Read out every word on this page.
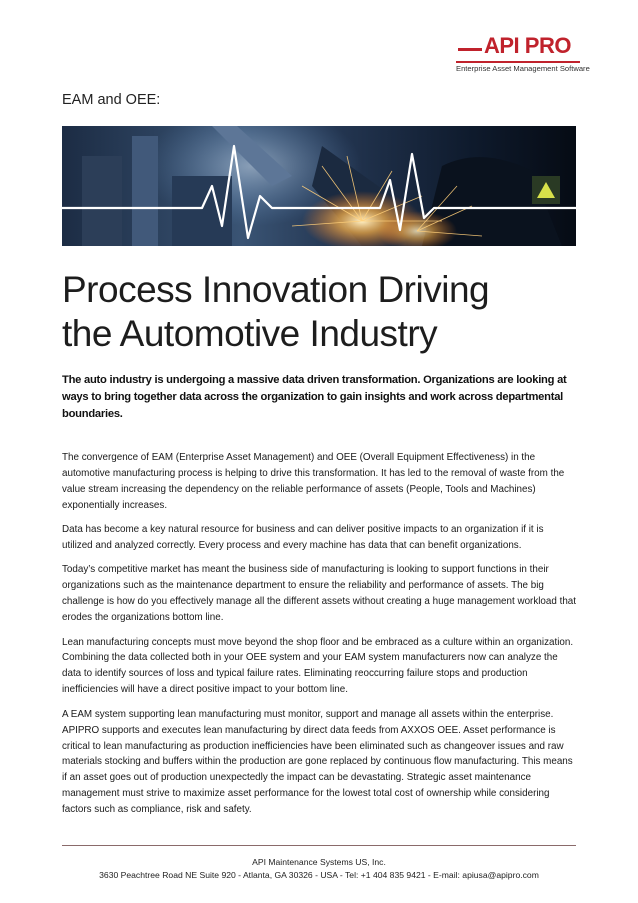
API PRO
Enterprise Asset Management Software
EAM and OEE:
Process Innovation Driving
the Automotive Industry
The auto industry is undergoing a massive data driven transformation. Organizations are looking at ways to bring together data across the organization to gain insights and work across departmental boundaries.

The convergence of EAM (Enterprise Asset Management) and OEE (Overall Equipment Effectiveness) in the automotive manufacturing process is helping to drive this transformation. It has led to the removal of waste from the value stream increasing the dependency on the reliable performance of assets (People, Tools and Machines) exponentially increases.

Data has become a key natural resource for business and can deliver positive impacts to an organization if it is utilized and analyzed correctly. Every process and every machine has data that can benefit organizations.

Today’s competitive market has meant the business side of manufacturing is looking to support functions in their organizations such as the maintenance department to ensure the reliability and performance of assets. The big challenge is how do you effectively manage all the different assets without creating a huge management workload that erodes the organizations bottom line.

Lean manufacturing concepts must move beyond the shop floor and be embraced as a culture within an organization. Combining the data collected both in your OEE system and your EAM system manufacturers now can analyze the data to identify sources of loss and typical failure rates. Eliminating reoccurring failure stops and production inefficiencies will have a direct positive impact to your bottom line.

A EAM system supporting lean manufacturing must monitor, support and manage all assets within the enterprise. APIPRO supports and executes lean manufacturing by direct data feeds from AXXOS OEE. Asset performance is critical to lean manufacturing as production inefficiencies have been eliminated such as changeover issues and raw materials stocking and buffers within the production are gone replaced by continuous flow manufacturing. This means if an asset goes out of production unexpectedly the impact can be devastating. Strategic asset maintenance management must strive to maximize asset performance for the lowest total cost of ownership while considering factors such as compliance, risk and safety.

API Maintenance Systems US, Inc.
3630 Peachtree Road NE Suite 920 - Atlanta, GA 30326 - USA - Tel: +1 404 835 9421 - E-mail: apiusa@apipro.com
